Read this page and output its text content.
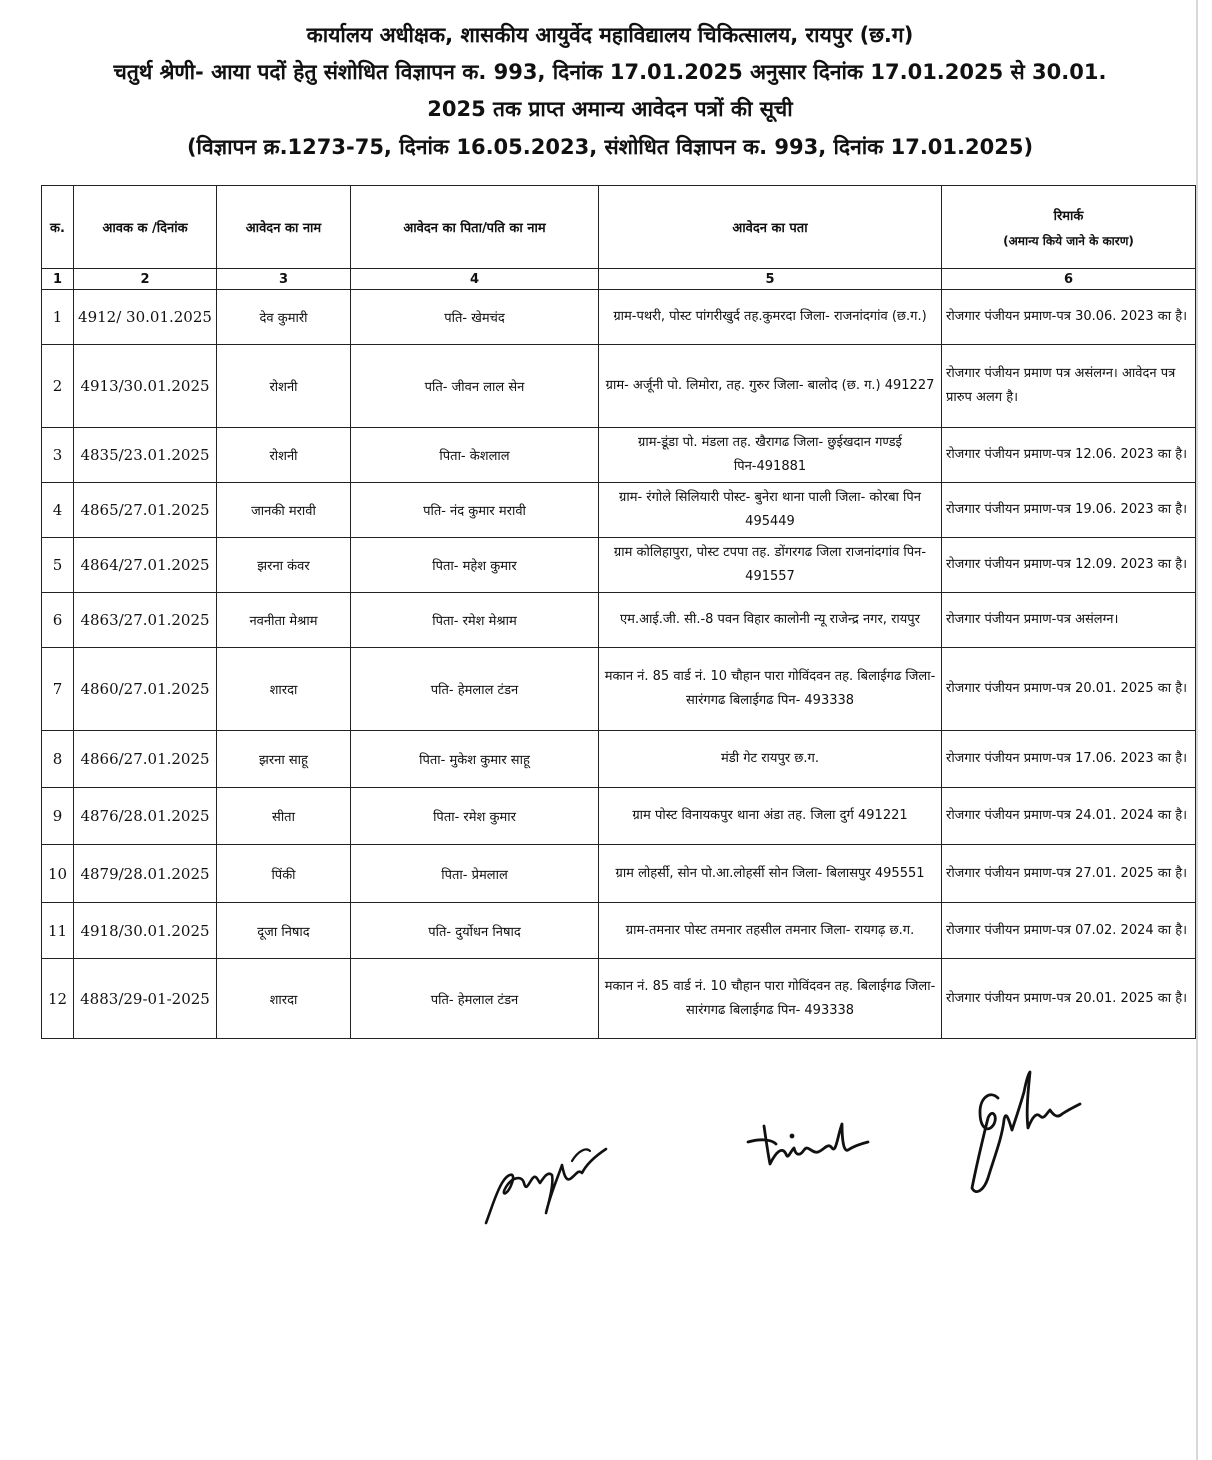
कार्यालय अधीक्षक, शासकीय आयुर्वेद महाविद्यालय चिकित्सालय, रायपुर (छ.ग)
चतुर्थ श्रेणी- आया पदों हेतु संशोधित विज्ञापन क. 993, दिनांक 17.01.2025 अनुसार दिनांक 17.01.2025 से 30.01.
2025 तक प्राप्त अमान्य आवेदन पत्रों की सूची
(विज्ञापन क्र.1273-75, दिनांक 16.05.2023, संशोधित विज्ञापन क. 993, दिनांक 17.01.2025)
क.	आवक क /दिनांक	आवेदन का नाम	आवेदन का पिता/पति का नाम	आवेदन का पता	रिमार्क
(अमान्य किये जाने के कारण)

1	2	3	4	5	6
1	4912/ 30.01.2025	देव कुमारी	पति- खेमचंद	ग्राम-पथरी, पोस्ट पांगरीखुर्द तह.कुमरदा जिला- राजनांदगांव (छ.ग.)	रोजगार पंजीयन प्रमाण-पत्र 30.06. 2023 का है।
2	4913/30.01.2025	रोशनी	पति- जीवन लाल सेन	ग्राम- अर्जूनी पो. लिमोरा, तह. गुरुर जिला- बालोद (छ. ग.) 491227	रोजगार पंजीयन प्रमाण पत्र असंलग्न। आवेदन पत्र प्रारुप अलग है।
3	4835/23.01.2025	रोशनी	पिता- केशलाल	ग्राम-डूंडा पो. मंडला तह. खैरागढ जिला- छुईखदान गण्डई पिन-491881	रोजगार पंजीयन प्रमाण-पत्र 12.06. 2023 का है।
4	4865/27.01.2025	जानकी मरावी	पति- नंद कुमार मरावी	ग्राम- रंगोले सिलियारी पोस्ट- बुनेरा थाना पाली जिला- कोरबा पिन 495449	रोजगार पंजीयन प्रमाण-पत्र 19.06. 2023 का है।
5	4864/27.01.2025	झरना कंवर	पिता- महेश कुमार	ग्राम कोलिहापुरा, पोस्ट टपपा तह. डोंगरगढ जिला राजनांदगांव पिन- 491557	रोजगार पंजीयन प्रमाण-पत्र 12.09. 2023 का है।
6	4863/27.01.2025	नवनीता मेश्राम	पिता- रमेश मेश्राम	एम.आई.जी. सी.-8 पवन विहार कालोनी न्यू राजेन्द्र नगर, रायपुर	रोजगार पंजीयन प्रमाण-पत्र असंलग्न।
7	4860/27.01.2025	शारदा	पति- हेमलाल टंडन	मकान नं. 85 वार्ड नं. 10 चौहान पारा गोविंदवन तह. बिलाईगढ जिला- सारंगगढ बिलाईगढ पिन- 493338	रोजगार पंजीयन प्रमाण-पत्र 20.01. 2025 का है।
8	4866/27.01.2025	झरना साहू	पिता- मुकेश कुमार साहू	मंडी गेट रायपुर छ.ग.	रोजगार पंजीयन प्रमाण-पत्र 17.06. 2023 का है।
9	4876/28.01.2025	सीता	पिता- रमेश कुमार	ग्राम पोस्ट विनायकपुर थाना अंडा तह. जिला दुर्ग 491221	रोजगार पंजीयन प्रमाण-पत्र 24.01. 2024 का है।
10	4879/28.01.2025	पिंकी	पिता- प्रेमलाल	ग्राम लोहर्सी, सोन पो.आ.लोहर्सी सोन जिला- बिलासपुर 495551	रोजगार पंजीयन प्रमाण-पत्र 27.01. 2025 का है।
11	4918/30.01.2025	दूजा निषाद	पति- दुर्योधन निषाद	ग्राम-तमनार पोस्ट तमनार तहसील तमनार जिला- रायगढ़ छ.ग.	रोजगार पंजीयन प्रमाण-पत्र 07.02. 2024 का है।
12	4883/29-01-2025	शारदा	पति- हेमलाल टंडन	मकान नं. 85 वार्ड नं. 10 चौहान पारा गोविंदवन तह. बिलाईगढ जिला- सारंगगढ बिलाईगढ पिन- 493338	रोजगार पंजीयन प्रमाण-पत्र 20.01. 2025 का है।
